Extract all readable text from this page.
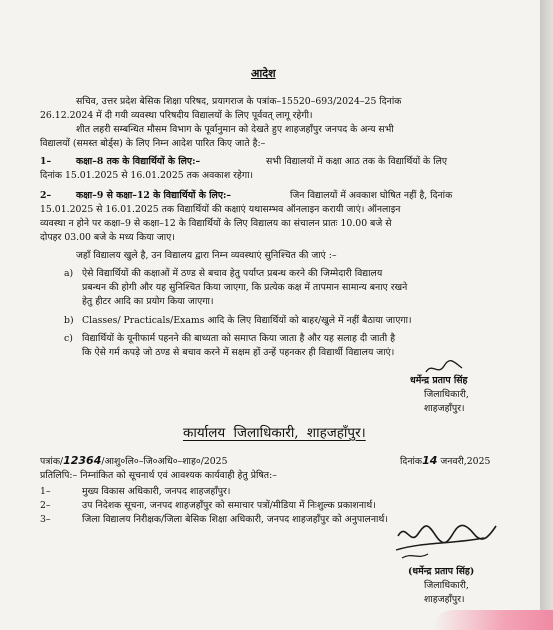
आदेश
सचिव, उत्तर प्रदेश बेसिक शिक्षा परिषद, प्रयागराज के पत्रांक–15520–693/2024–25 दिनांक
26.12.2024 में दी गयी व्यवस्था परिषदीय विद्यालयों के लिए पूर्ववत् लागू रहेगी।
शीत लहरी सम्बन्धित मौसम विभाग के पूर्वानुमान को देखते हुए शाहजहाँपुर जनपद के अन्य सभी
विद्यालयों (समस्त बोर्ड्स) के लिए निम्न आदेश पारित किए जाते है:–
1–	कक्षा–8 तक के विद्यार्थियों के लिए:–	सभी विद्यालयों में कक्षा आठ तक के विद्यार्थियों के लिए
दिनांक 15.01.2025 से 16.01.2025 तक अवकाश रहेगा।
2–	कक्षा–9 से कक्षा–12 के विद्यार्थियों के लिए:–	जिन विद्यालयों में अवकाश घोषित नहीं है, दिनांक
15.01.2025 से 16.01.2025 तक विद्यार्थियों की कक्षाएं यथासम्भव ऑनलाइन करायी जाएं। ऑनलाइन
व्यवस्था न होने पर कक्षा–9 से कक्षा–12 के विद्यार्थियों के लिए विद्यालय का संचालन प्रातः 10.00 बजे से
दोपहर 03.00 बजे के मध्य किया जाए।
जहाँ विद्यालय खुले है, उन विद्यालय द्वारा निम्न व्यवस्थाएं सुनिश्चित की जाएं :–
a) ऐसे विद्यार्थियों की कक्षाओं में ठण्ड से बचाव हेतु पर्याप्त प्रबन्ध करने की जिम्मेदारी विद्यालय
प्रबन्धन की होगी और यह सुनिश्चित किया जाएगा, कि प्रत्येक कक्ष में तापमान सामान्य बनाए रखने
हेतु हीटर आदि का प्रयोग किया जाएगा।
b) Classes/ Practicals/Exams आदि के लिए विद्यार्थियों को बाहर/खुले में नहीं बैठाया जाएगा।
c) विद्यार्थियों के यूनीफार्म पहनने की बाध्यता को समाप्त किया जाता है और यह सलाह दी जाती है
कि ऐसे गर्म कपड़े जो ठण्ड से बचाव करने में सक्षम हों उन्हें पहनकर ही विद्यार्थी विद्यालय जाएं।
धर्मेन्द्र प्रताप सिंह
जिलाधिकारी,
शाहजहाँपुर।
कार्यालय जिलाधिकारी, शाहजहाँपुर।
पत्रांक/12364/आशु०लि०–जि०अधि०–शाह०/2025	दिनांक14 जनवरी,2025
प्रतिलिपि:– निम्नांकित को सूचनार्थ एवं आवश्यक कार्यवाही हेतु प्रेषित:–
1–	मुख्य विकास अधिकारी, जनपद शाहजहाँपुर।
2–	उप निदेशक सूचना, जनपद शाहजहाँपुर को समाचार पत्रों/मीडिया में निःशुल्क प्रकाशनार्थ।
3–	जिला विद्यालय निरीक्षक/जिला बेसिक शिक्षा अधिकारी, जनपद शाहजहाँपुर को अनुपालनार्थ।
(धर्मेन्द्र प्रताप सिंह)
जिलाधिकारी,
शाहजहाँपुर।
